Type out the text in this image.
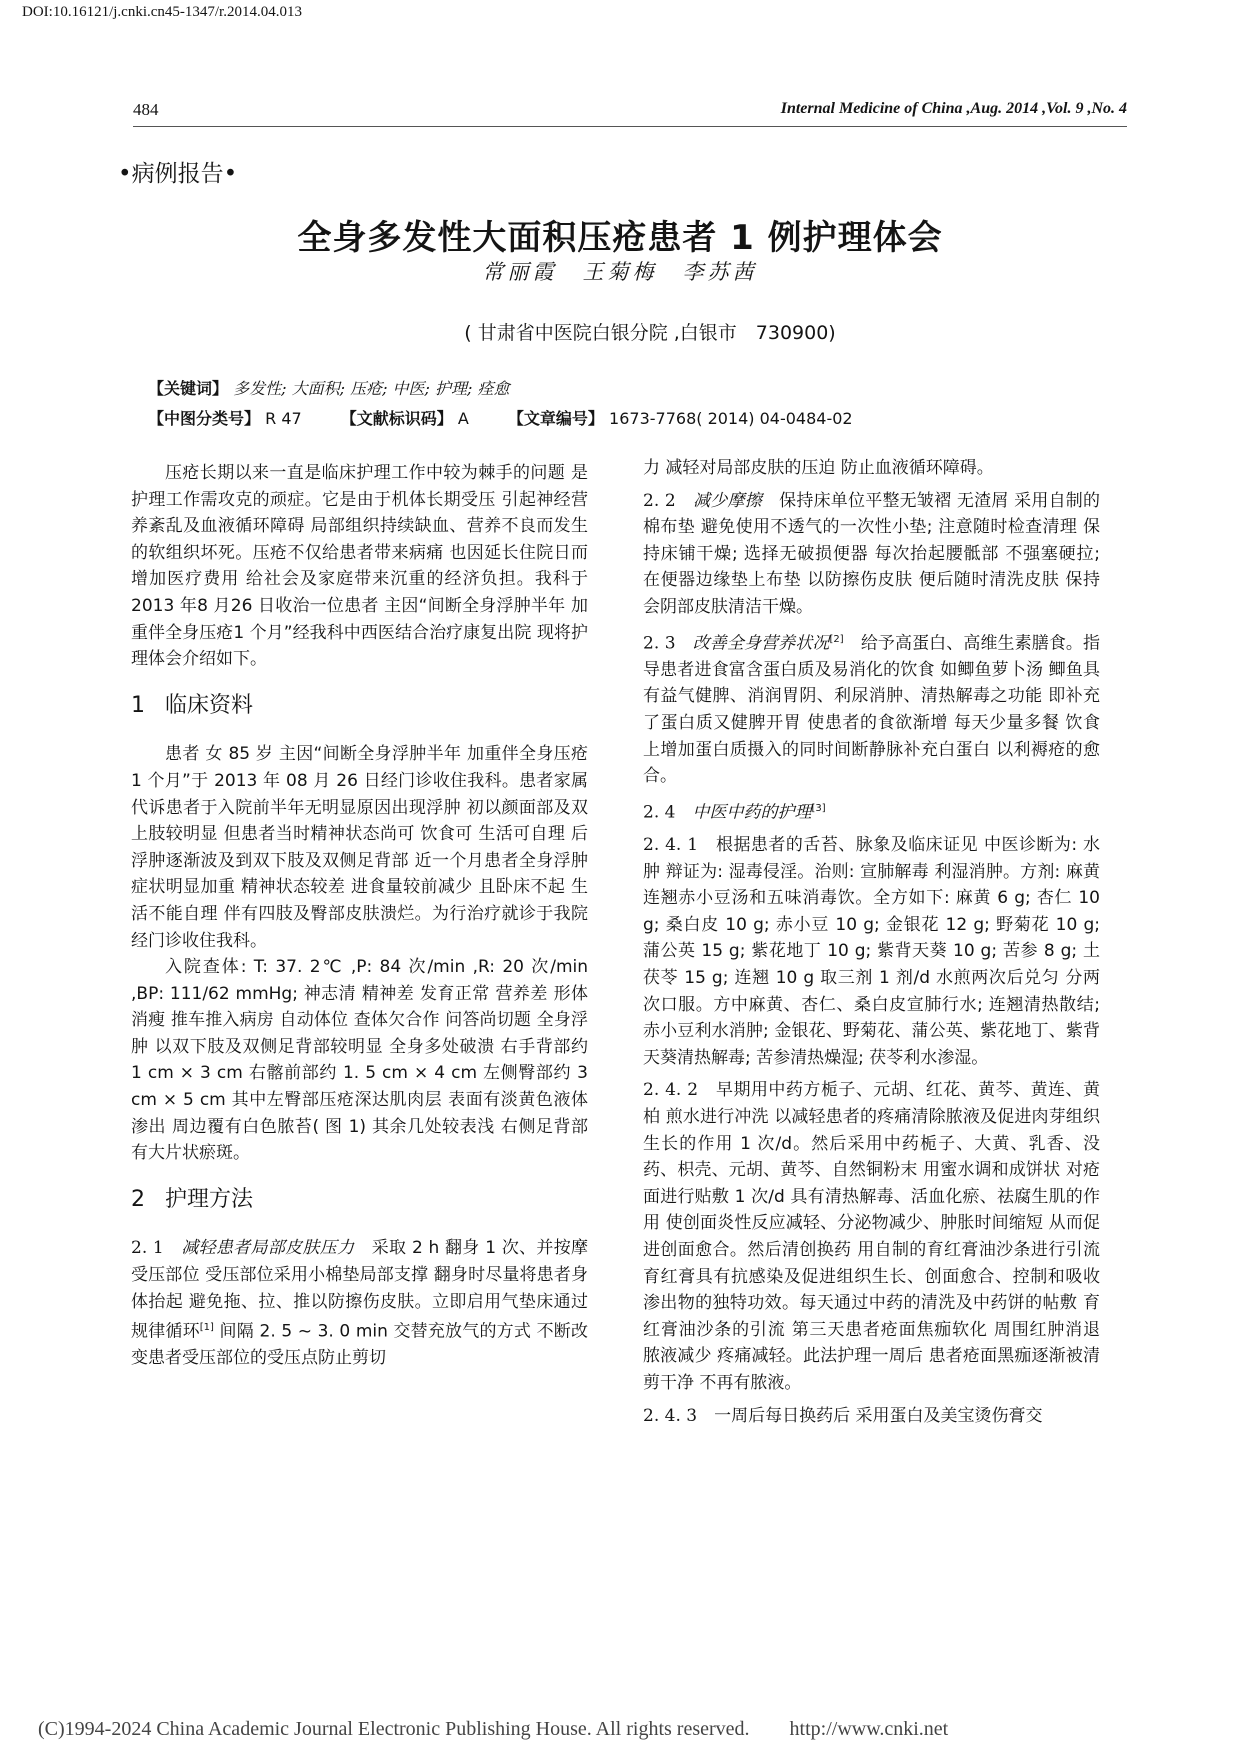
DOI:10.16121/j.cnki.cn45-1347/r.2014.04.013
484	Internal Medicine of China ,Aug. 2014 ,Vol. 9 ,No. 4
•病例报告•
全身多发性大面积压疮患者 1 例护理体会
常丽霞　王菊梅　李苏茜
( 甘肃省中医院白银分院 ,白银市　730900)
【关键词】 多发性; 大面积; 压疮; 中医; 护理; 痊愈
【中图分类号】 R 47 【文献标识码】 A 【文章编号】 1673-7768( 2014) 04-0484-02

压疮长期以来一直是临床护理工作中较为棘手的问题 是护理工作需攻克的顽症。它是由于机体长期受压 引起神经营养紊乱及血液循环障碍 局部组织持续缺血、营养不良而发生的软组织坏死。压疮不仅给患者带来病痛 也因延长住院日而增加医疗费用 给社会及家庭带来沉重的经济负担。我科于2013 年8 月26 日收治一位患者 主因“间断全身浮肿半年 加重伴全身压疮1 个月”经我科中西医结合治疗康复出院 现将护理体会介绍如下。

1 临床资料

患者 女 85 岁 主因“间断全身浮肿半年 加重伴全身压疮 1 个月”于 2013 年 08 月 26 日经门诊收住我科。患者家属代诉患者于入院前半年无明显原因出现浮肿 初以颜面部及双上肢较明显 但患者当时精神状态尚可 饮食可 生活可自理 后浮肿逐渐波及到双下肢及双侧足背部 近一个月患者全身浮肿症状明显加重 精神状态较差 进食量较前减少 且卧床不起 生活不能自理 伴有四肢及臀部皮肤溃烂。为行治疗就诊于我院 经门诊收住我科。

入院查体: T: 37. 2℃ ,P: 84 次/min ,R: 20 次/min ,BP: 111/62 mmHg; 神志清 精神差 发育正常 营养差 形体消瘦 推车推入病房 自动体位 查体欠合作 问答尚切题 全身浮肿 以双下肢及双侧足背部较明显 全身多处破溃 右手背部约 1 cm × 3 cm 右髂前部约 1. 5 cm × 4 cm 左侧臀部约 3 cm × 5 cm 其中左臀部压疮深达肌肉层 表面有淡黄色液体渗出 周边覆有白色脓苔( 图 1) 其余几处较表浅 右侧足背部有大片状瘀斑。

2 护理方法

2. 1　 减轻患者局部皮肤压力　 采取 2 h 翻身 1 次、并按摩受压部位 受压部位采用小棉垫局部支撑 翻身时尽量将患者身体抬起 避免拖、拉、推以防擦伤皮肤。立即启用气垫床通过规律循环[1] 间隔 2. 5 ~ 3. 0 min 交替充放气的方式 不断改变患者受压部位的受压点防止剪切

力 减轻对局部皮肤的压迫 防止血液循环障碍。

2. 2　 减少摩擦　 保持床单位平整无皱褶 无渣屑 采用自制的棉布垫 避免使用不透气的一次性小垫; 注意随时检查清理 保持床铺干燥; 选择无破损便器 每次抬起腰骶部 不强塞硬拉; 在便器边缘垫上布垫 以防擦伤皮肤 便后随时清洗皮肤 保持会阴部皮肤清洁干燥。

2. 3　 改善全身营养状况[2]　 给予高蛋白、高维生素膳食。指导患者进食富含蛋白质及易消化的饮食 如鲫鱼萝卜汤 鲫鱼具有益气健脾、消润胃阴、利尿消肿、清热解毒之功能 即补充了蛋白质又健脾开胃 使患者的食欲渐增 每天少量多餐 饮食上增加蛋白质摄入的同时间断静脉补充白蛋白 以利褥疮的愈合。

2. 4　 中医中药的护理[3]

2. 4. 1　 根据患者的舌苔、脉象及临床证见 中医诊断为: 水肿 辩证为: 湿毒侵淫。治则: 宣肺解毒 利湿消肿。方剂: 麻黄连翘赤小豆汤和五味消毒饮。全方如下: 麻黄 6 g; 杏仁 10 g; 桑白皮 10 g; 赤小豆 10 g; 金银花 12 g; 野菊花 10 g; 蒲公英 15 g; 紫花地丁 10 g; 紫背天葵 10 g; 苦参 8 g; 土茯苓 15 g; 连翘 10 g 取三剂 1 剂/d 水煎两次后兑匀 分两次口服。方中麻黄、杏仁、桑白皮宣肺行水; 连翘清热散结; 赤小豆利水消肿; 金银花、野菊花、蒲公英、紫花地丁、紫背天葵清热解毒; 苦参清热燥湿; 茯苓利水渗湿。

2. 4. 2　 早期用中药方栀子、元胡、红花、黄芩、黄连、黄柏 煎水进行冲洗 以减轻患者的疼痛清除脓液及促进肉芽组织生长的作用 1 次/d。然后采用中药栀子、大黄、乳香、没药、枳壳、元胡、黄芩、自然铜粉末 用蜜水调和成饼状 对疮面进行贴敷 1 次/d 具有清热解毒、活血化瘀、祛腐生肌的作用 使创面炎性反应减轻、分泌物减少、肿胀时间缩短 从而促进创面愈合。然后清创换药 用自制的育红膏油沙条进行引流 育红膏具有抗感染及促进组织生长、创面愈合、控制和吸收渗出物的独特功效。每天通过中药的清洗及中药饼的帖敷 育红膏油沙条的引流 第三天患者疮面焦痂软化 周围红肿消退 脓液减少 疼痛减轻。此法护理一周后 患者疮面黑痂逐渐被清剪干净 不再有脓液。

2. 4. 3　 一周后每日换药后 采用蛋白及美宝烫伤膏交

(C)1994-2024 China Academic Journal Electronic Publishing House. All rights reserved.　　http://www.cnki.net
